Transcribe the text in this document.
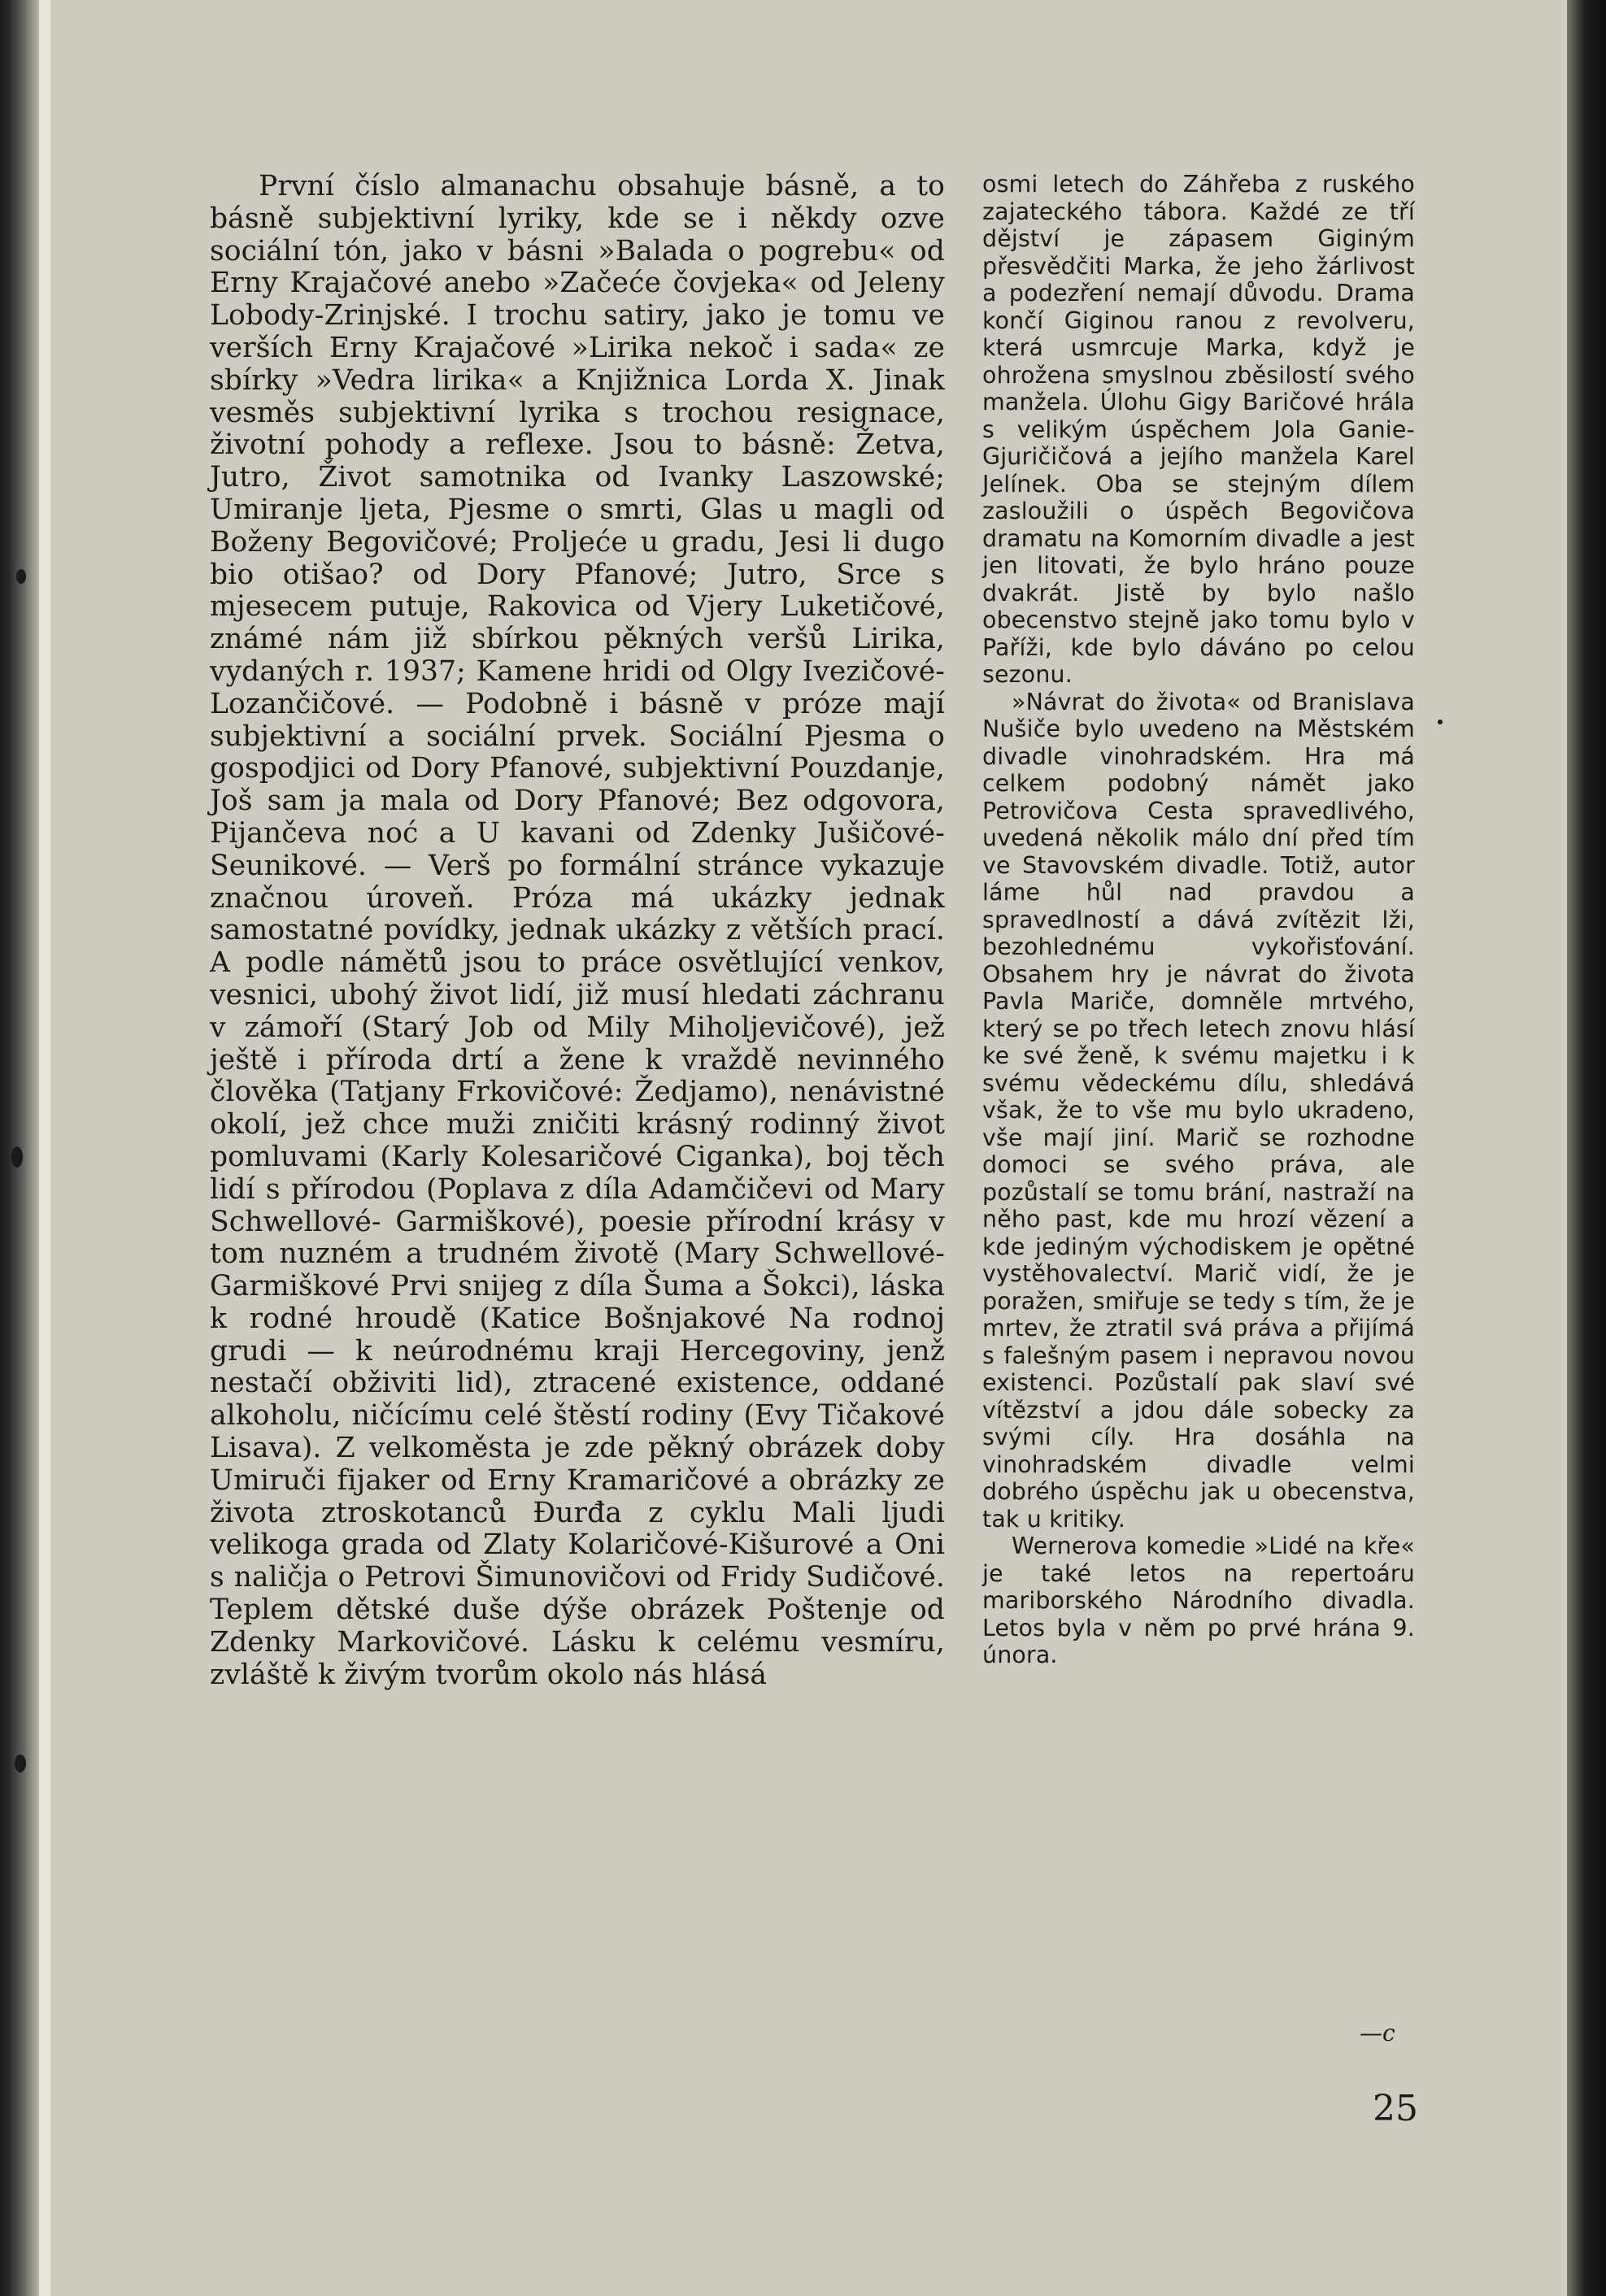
První číslo almanachu obsahuje básně, a to básně subjektivní lyriky, kde se i někdy ozve sociální tón, jako v básni »Balada o pogrebu« od Erny Krajačové anebo »Začeće čovjeka« od Jeleny Lobody-Zrinjské. I trochu satiry, jako je tomu ve verších Erny Krajačové »Lirika nekoč i sada« ze sbírky »Vedra lirika« a Knjižnica Lorda X. Jinak vesměs subjektivní lyrika s trochou resignace, životní pohody a reflexe. Jsou to básně: Žetva, Jutro, Život samotnika od Ivanky Laszowské; Umiranje ljeta, Pjesme o smrti, Glas u magli od Boženy Begovičové; Proljeće u gradu, Jesi li dugo bio otišao? od Dory Pfanové; Jutro, Srce s mjesecem putuje, Rakovica od Vjery Luketičové, známé nám již sbírkou pěkných veršů Lirika, vydaných r. 1937; Kamene hridi od Olgy Ivezičové-Lozančičové. — Podobně i básně v próze mají subjektivní a sociální prvek. Sociální Pjesma o gospodjici od Dory Pfanové, subjektivní Pouzdanje, Još sam ja mala od Dory Pfanové; Bez odgovora, Pijančeva noć a U kavani od Zdenky Jušičové-Seunikové. — Verš po formální stránce vykazuje značnou úroveň. Próza má ukázky jednak samostatné povídky, jednak ukázky z větších prací. A podle námětů jsou to práce osvětlující venkov, vesnici, ubohý život lidí, již musí hledati záchranu v zámoří (Starý Job od Mily Miholjevičové), jež ještě i příroda drtí a žene k vraždě nevinného člověka (Tatjany Frkovičové: Žedjamo), nenávistné okolí, jež chce muži zničiti krásný rodinný život pomluvami (Karly Kolesaričové Ciganka), boj těch lidí s přírodou (Poplava z díla Adamčičevi od Mary Schwellové- Garmiškové), poesie přírodní krásy v tom nuzném a trudném životě (Mary Schwellové-Garmiškové Prvi snijeg z díla Šuma a Šokci), láska k rodné hroudě (Katice Bošnjakové Na rodnoj grudi — k neúrodnému kraji Hercegoviny, jenž nestačí obživiti lid), ztracené existence, oddané alkoholu, ničícímu celé štěstí rodiny (Evy Tičakové Lisava). Z velkoměsta je zde pěkný obrázek doby Umiruči fijaker od Erny Kramaričové a obrázky ze života ztroskotanců Đurđa z cyklu Mali ljudi velikoga grada od Zlaty Kolaričové-Kišurové a Oni s naličja o Petrovi Šimunovičovi od Fridy Sudičové. Teplem dětské duše dýše obrázek Poštenje od Zdenky Markovičové. Lásku k celému vesmíru, zvláště k živým tvorům okolo nás hlásá

osmi letech do Záhřeba z ruského zajateckého tábora. Každé ze tří dějství je zápasem Giginým přesvědčiti Marka, že jeho žárlivost a podezření nemají důvodu. Drama končí Giginou ranou z revolveru, která usmrcuje Marka, když je ohrožena smyslnou zběsilostí svého manžela. Úlohu Gigy Baričové hrála s velikým úspěchem Jola Ganie-Gjuričičová a jejího manžela Karel Jelínek. Oba se stejným dílem zasloužili o úspěch Begovičova dramatu na Komorním divadle a jest jen litovati, že bylo hráno pouze dvakrát. Jistě by bylo našlo obecenstvo stejně jako tomu bylo v Paříži, kde bylo dáváno po celou sezonu.

»Návrat do života« od Branislava Nušiče bylo uvedeno na Městském divadle vinohradském. Hra má celkem podobný námět jako Petrovičova Cesta spravedlivého, uvedená několik málo dní před tím ve Stavovském divadle. Totiž, autor láme hůl nad pravdou a spravedlností a dává zvítězit lži, bezohlednému vykořisťování. Obsahem hry je návrat do života Pavla Mariče, domněle mrtvého, který se po třech letech znovu hlásí ke své ženě, k svému majetku i k svému vědeckému dílu, shledává však, že to vše mu bylo ukradeno, vše mají jiní. Marič se rozhodne domoci se svého práva, ale pozůstalí se tomu brání, nastraží na něho past, kde mu hrozí vězení a kde jediným východiskem je opětné vystěhovalectví. Marič vidí, že je poražen, smiřuje se tedy s tím, že je mrtev, že ztratil svá práva a přijímá s falešným pasem i nepravou novou existenci. Pozůstalí pak slaví své vítězství a jdou dále sobecky za svými cíly. Hra dosáhla na vinohradském divadle velmi dobrého úspěchu jak u obecenstva, tak u kritiky.

Wernerova komedie »Lidé na kře« je také letos na repertoáru mariborského Národního divadla. Letos byla v něm po prvé hrána 9. února.

—c
25
